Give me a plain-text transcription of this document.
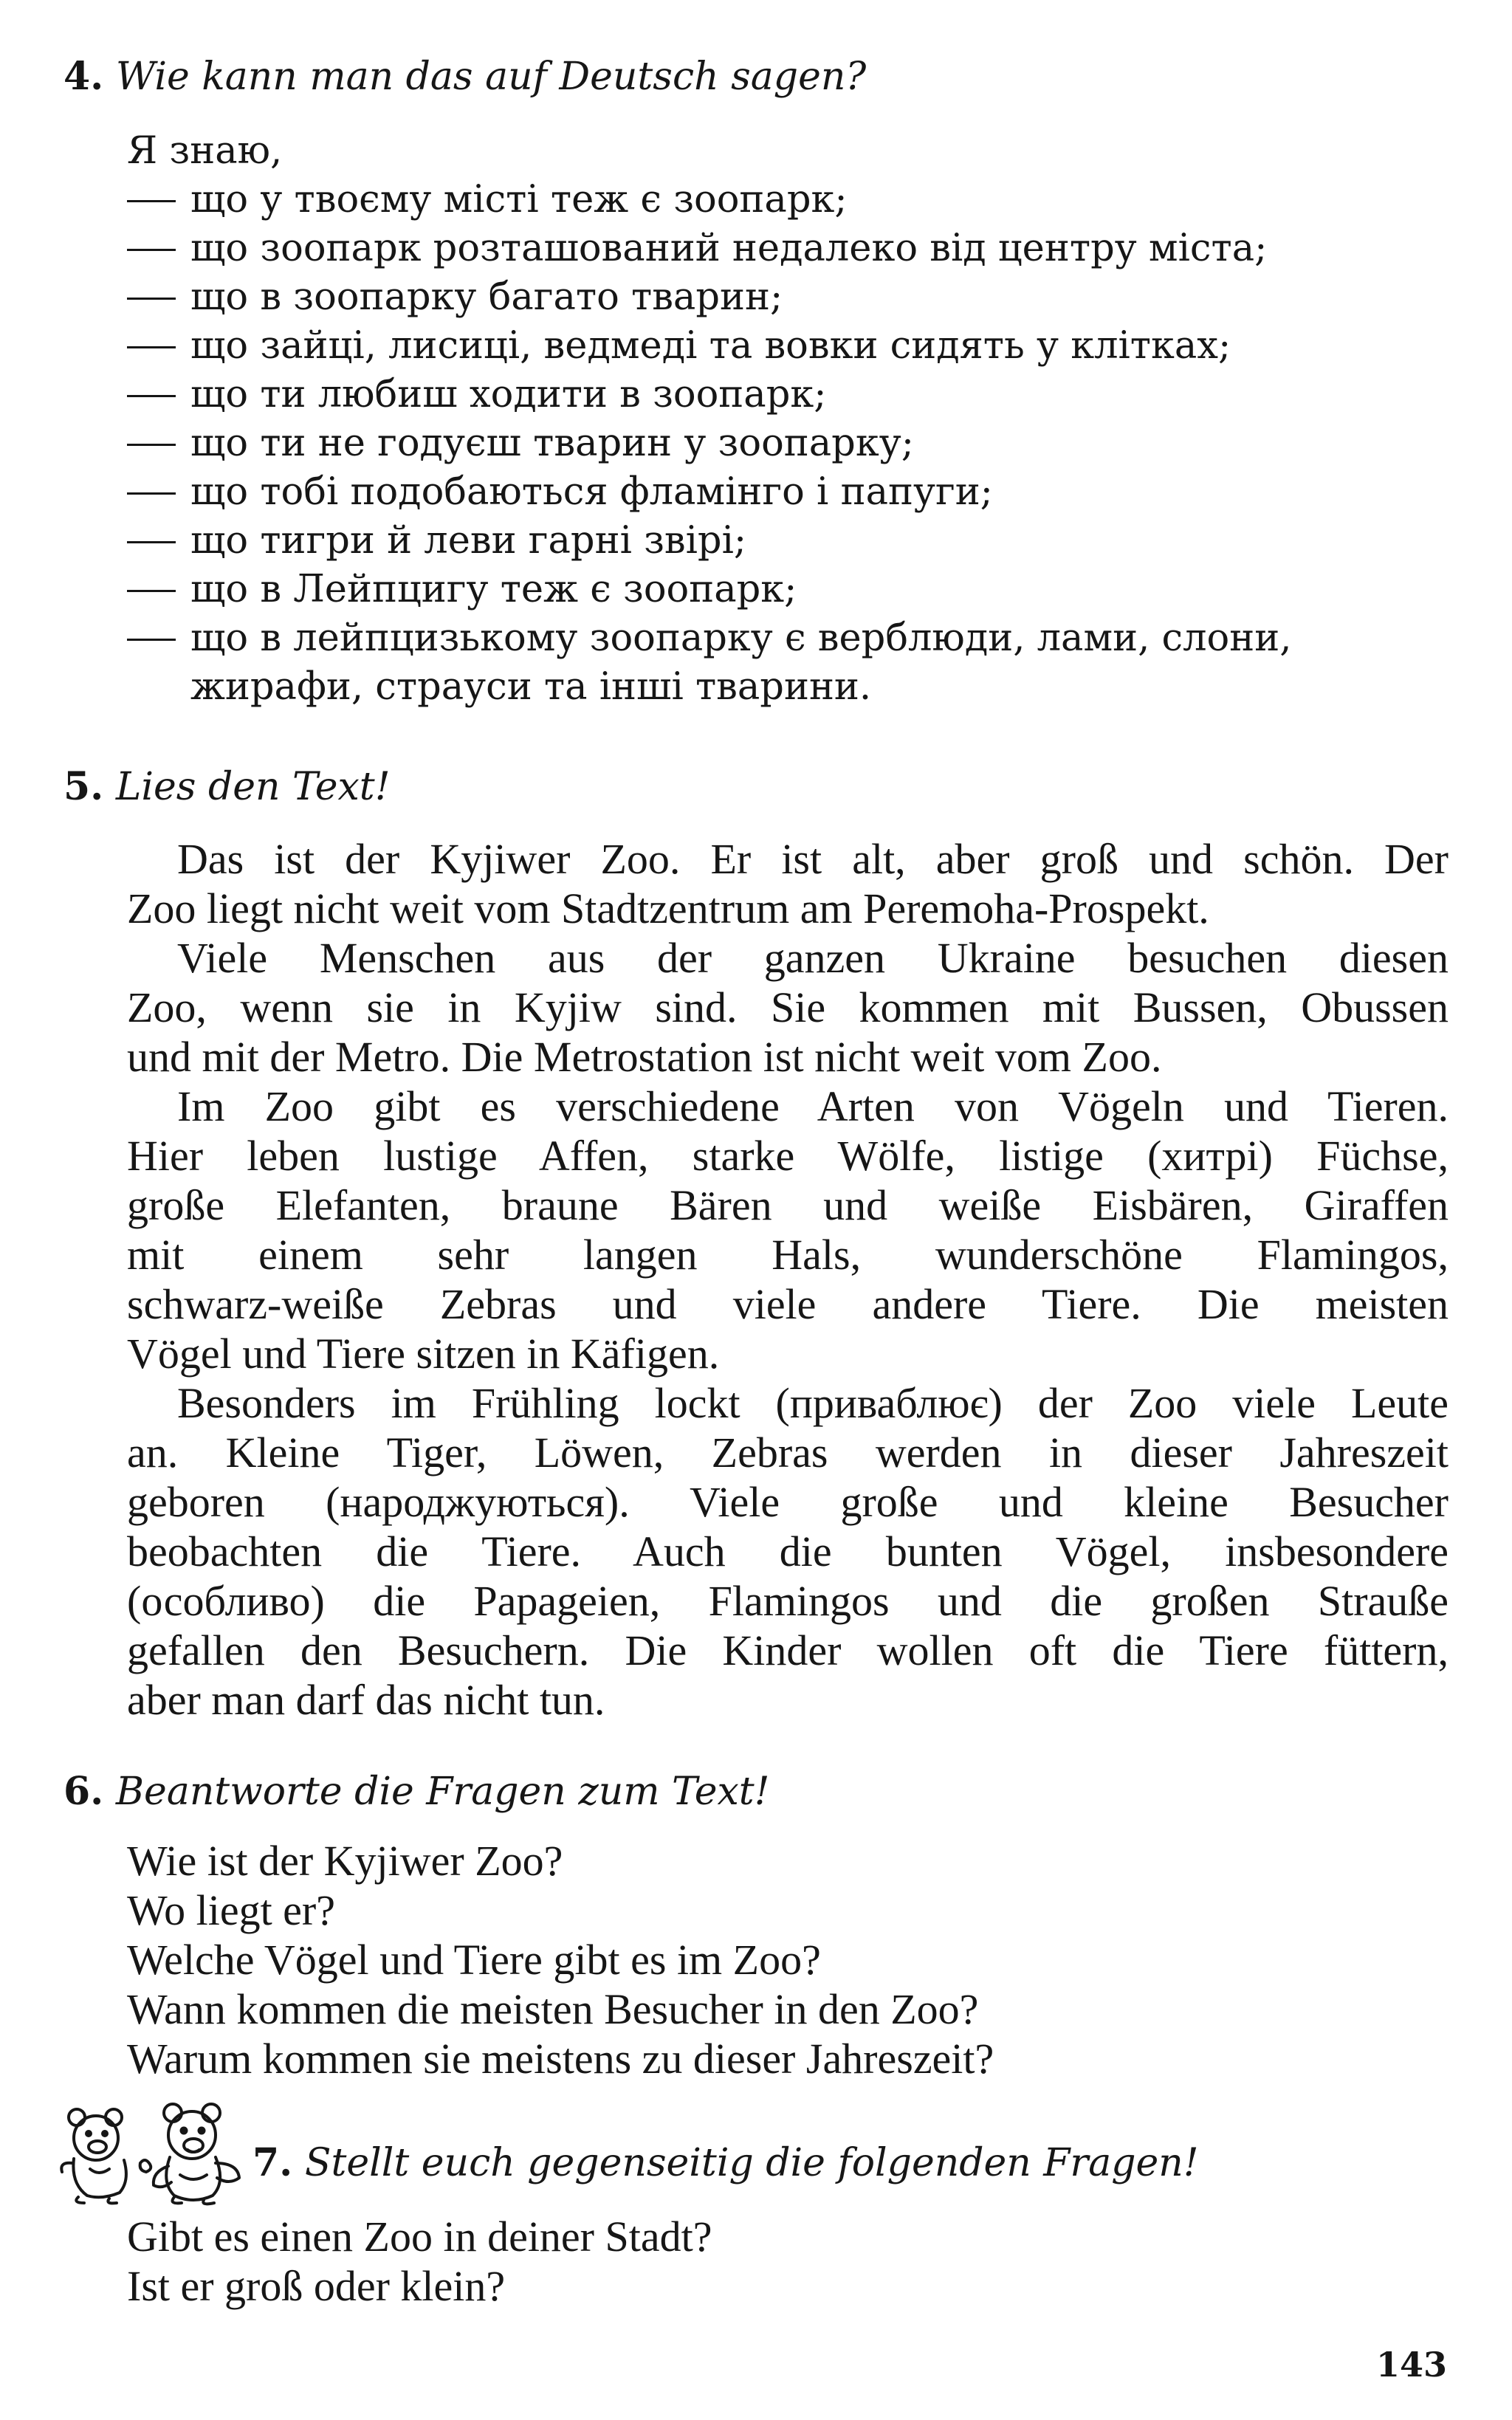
4. Wie kann man das auf Deutsch sagen?
Я знаю,
що у твоєму місті теж є зоопарк;
що зоопарк розташований недалеко від центру міста;
що в зоопарку багато тварин;
що зайці, лисиці, ведмеді та вовки сидять у клітках;
що ти любиш ходити в зоопарк;
що ти не годуєш тварин у зоопарку;
що тобі подобаються фламінго і папуги;
що тигри й леви гарні звірі;
що в Лейпцигу теж є зоопарк;
що в лейпцизькому зоопарку є верблюди, лами, слони,
жирафи, страуси та інші тварини.
5. Lies den Text!
Das ist der Kyjiwer Zoo. Er ist alt, aber groß und schön. Der
Zoo liegt nicht weit vom Stadtzentrum am Peremoha-Prospekt.
Viele Menschen aus der ganzen Ukraine besuchen diesen
Zoo, wenn sie in Kyjiw sind. Sie kommen mit Bussen, Obussen
und mit der Metro. Die Metrostation ist nicht weit vom Zoo.
Im Zoo gibt es verschiedene Arten von Vögeln und Tieren.
Hier leben lustige Affen, starke Wölfe, listige (хитрі) Füchse,
große Elefanten, braune Bären und weiße Eisbären, Giraffen
mit einem sehr langen Hals, wunderschöne Flamingos,
schwarz-weiße Zebras und viele andere Tiere. Die meisten
Vögel und Tiere sitzen in Käfigen.
Besonders im Frühling lockt (приваблює) der Zoo viele Leute
an. Kleine Tiger, Löwen, Zebras werden in dieser Jahreszeit
geboren (народжуються). Viele große und kleine Besucher
beobachten die Tiere. Auch die bunten Vögel, insbesondere
(особливо) die Papageien, Flamingos und die großen Strauße
gefallen den Besuchern. Die Kinder wollen oft die Tiere füttern,
aber man darf das nicht tun.
6. Beantworte die Fragen zum Text!
Wie ist der Kyjiwer Zoo?
Wo liegt er?
Welche Vögel und Tiere gibt es im Zoo?
Wann kommen die meisten Besucher in den Zoo?
Warum kommen sie meistens zu dieser Jahreszeit?
7. Stellt euch gegenseitig die folgenden Fragen!
Gibt es einen Zoo in deiner Stadt?
Ist er groß oder klein?
143
